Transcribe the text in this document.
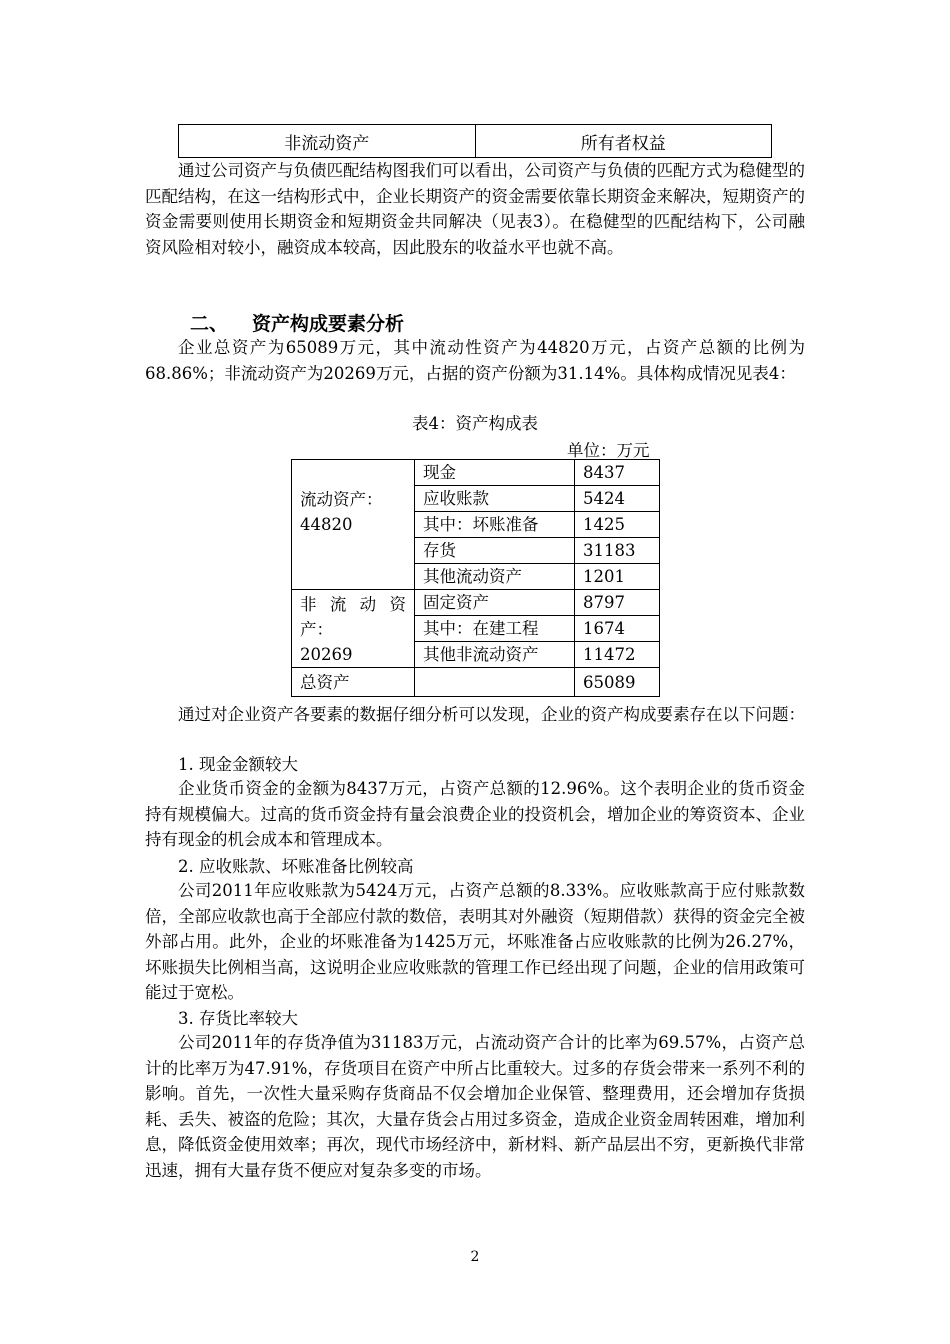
非流动资产	所有者权益

通过公司资产与负债匹配结构图我们可以看出，公司资产与负债的匹配方式为稳健型的匹配结构，在这一结构形式中，企业长期资产的资金需要依靠长期资金来解决，短期资产的资金需要则使用长期资金和短期资金共同解决（见表3）。在稳健型的匹配结构下，公司融资风险相对较小，融资成本较高，因此股东的收益水平也就不高。

二、 资产构成要素分析

企业总资产为65089万元，其中流动性资产为44820万元，占资产总额的比例为68.86%；非流动资产为20269万元，占据的资产份额为31.14%。具体构成情况见表4：

表4：资产构成表
单位：万元

流动资产：
44820	现金	8437
	应收账款	5424
	其中：坏账准备	1425
	存货	31183
	其他流动资产	1201

非 流 动 资
产：
20269	固定资产	8797
	其中：在建工程	1674
	其他非流动资产	11472
总资产		65089

通过对企业资产各要素的数据仔细分析可以发现，企业的资产构成要素存在以下问题：

1. 现金金额较大

企业货币资金的金额为8437万元，占资产总额的12.96%。这个表明企业的货币资金持有规模偏大。过高的货币资金持有量会浪费企业的投资机会，增加企业的筹资资本、企业持有现金的机会成本和管理成本。

2. 应收账款、坏账准备比例较高

公司2011年应收账款为5424万元，占资产总额的8.33%。应收账款高于应付账款数倍，全部应收款也高于全部应付款的数倍，表明其对外融资（短期借款）获得的资金完全被外部占用。此外，企业的坏账准备为1425万元，坏账准备占应收账款的比例为26.27%，坏账损失比例相当高，这说明企业应收账款的管理工作已经出现了问题，企业的信用政策可能过于宽松。

3. 存货比率较大

公司2011年的存货净值为31183万元，占流动资产合计的比率为69.57%，占资产总计的比率万为47.91%，存货项目在资产中所占比重较大。过多的存货会带来一系列不利的影响。首先，一次性大量采购存货商品不仅会增加企业保管、整理费用，还会增加存货损耗、丢失、被盗的危险；其次，大量存货会占用过多资金，造成企业资金周转困难，增加利息，降低资金使用效率；再次，现代市场经济中，新材料、新产品层出不穷，更新换代非常迅速，拥有大量存货不便应对复杂多变的市场。

2
